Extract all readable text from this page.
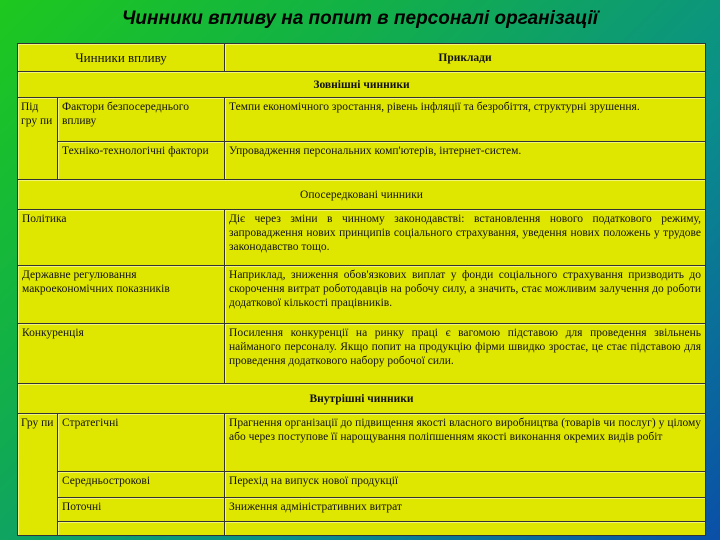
Чинники впливу на попит в персоналі організації
Чинники впливу		Приклади
Зовнішні чинники		
Під гру пи	Фактори безпосереднього впливу	Темпи економічного зростання, рівень інфляції та безробіття, структурні зрушення.
	Техніко-технологічні фактори	Упровадження персональних комп'ютерів, інтернет-систем.
Опосередковані чинники		
Політика		Діє через зміни в чинному законодавстві: встановлення нового податкового режиму, запровадження нових принципів соціального страхування, уведення нових положень у трудове законодавство тощо.
Державне регулювання макроекономічних показників		Наприклад, зниження обов'язкових виплат у фонди соціального страхування призводить до скорочення витрат роботодавців на робочу силу, а значить, стає можливим залучення до роботи додаткової кількості працівників.
Конкуренція		Посилення конкуренції на ринку праці є вагомою підставою для проведення звільнень найманого персоналу. Якщо попит на продукцію фірми швидко зростає, це стає підставою для проведення додаткового набору робочої сили.
Внутрішні чинники		
Гру пи	Стратегічні	Прагнення організації до підвищення якості власного виробництва (товарів чи послуг) у цілому або через поступове її нарощування поліпшенням якості виконання окремих видів робіт
	Середньострокові	Перехід на випуск нової продукції
	Поточні	Зниження адміністративних витрат
